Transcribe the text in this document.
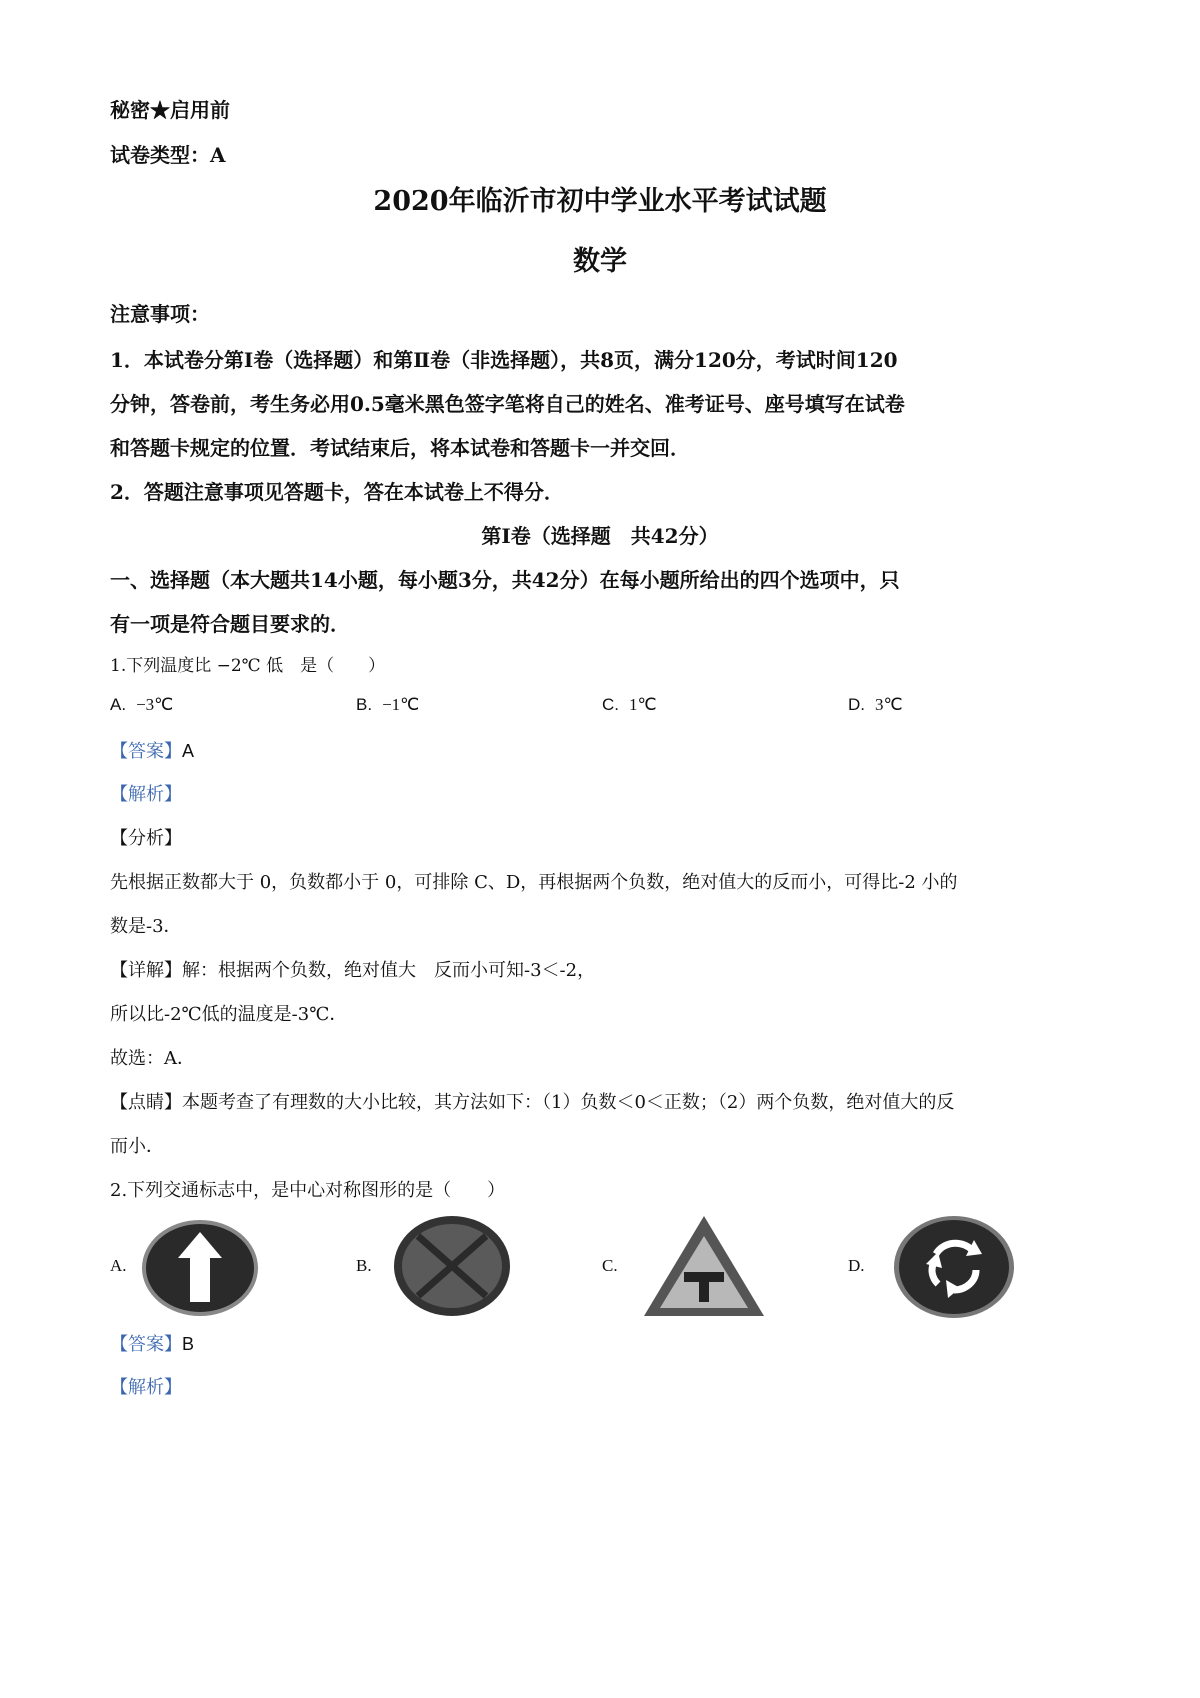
秘密★启用前
试卷类型：A
2020年临沂市初中学业水平考试试题
数学
注意事项：
1．本试卷分第Ⅰ卷（选择题）和第Ⅱ卷（非选择题），共8页，满分120分，考试时间120
分钟，答卷前，考生务必用0.5毫米黑色签字笔将自己的姓名、准考证号、座号填写在试卷
和答题卡规定的位置．考试结束后，将本试卷和答题卡一并交回．
2．答题注意事项见答题卡，答在本试卷上不得分．
第Ⅰ卷（选择题　共42分）
一、选择题（本大题共14小题，每小题3分，共42分）在每小题所给出的四个选项中，只
有一项是符合题目要求的．
1.下列温度比 −2℃ 低　是（　　）
A. −3℃	B. −1℃	C. 1℃	D. 3℃
【答案】A
【解析】
【分析】
先根据正数都大于 0，负数都小于 0，可排除 C、D，再根据两个负数，绝对值大的反而小，可得比-2 小的
数是-3．
【详解】解：根据两个负数，绝对值大　反而小可知-3＜-2，
所以比-2℃低的温度是-3℃．
故选：A．
【点睛】本题考查了有理数的大小比较，其方法如下：（1）负数＜0＜正数；（2）两个负数，绝对值大的反
而小．
2.下列交通标志中，是中心对称图形的是（　　）
A.	B.	C.	D.
【答案】B
【解析】
